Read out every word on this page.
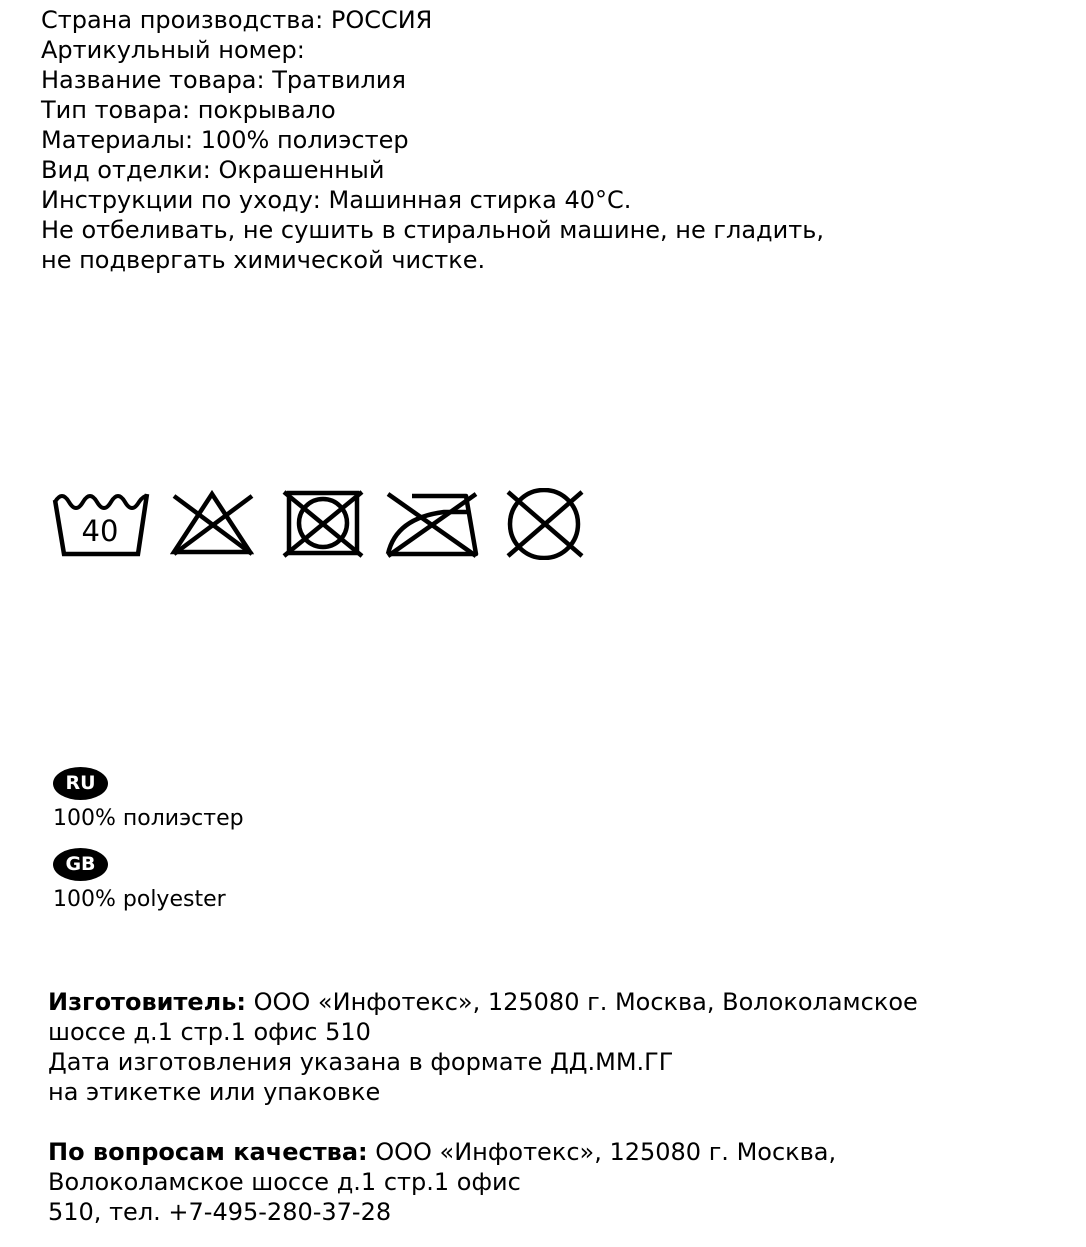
Страна производства: РОССИЯ
Артикульный номер:
Название товара: Тратвилия
Тип товара: покрывало
Материалы: 100% полиэстер
Вид отделки: Окрашенный
Инструкции по уходу: Машинная стирка 40°C.
Не отбеливать, не сушить в стиральной машине, не гладить,
не подвергать химической чистке.
40
RU
100% полиэстер
GB
100% polyester
Изготовитель: ООО «Инфотекс», 125080 г. Москва, Волоколамское
шоссе д.1 стр.1 офис 510
Дата изготовления указана в формате ДД.ММ.ГГ
на этикетке или упаковке
По вопросам качества: ООО «Инфотекс», 125080 г. Москва,
Волоколамское шоссе д.1 стр.1 офис
510, тел. +7-495-280-37-28
